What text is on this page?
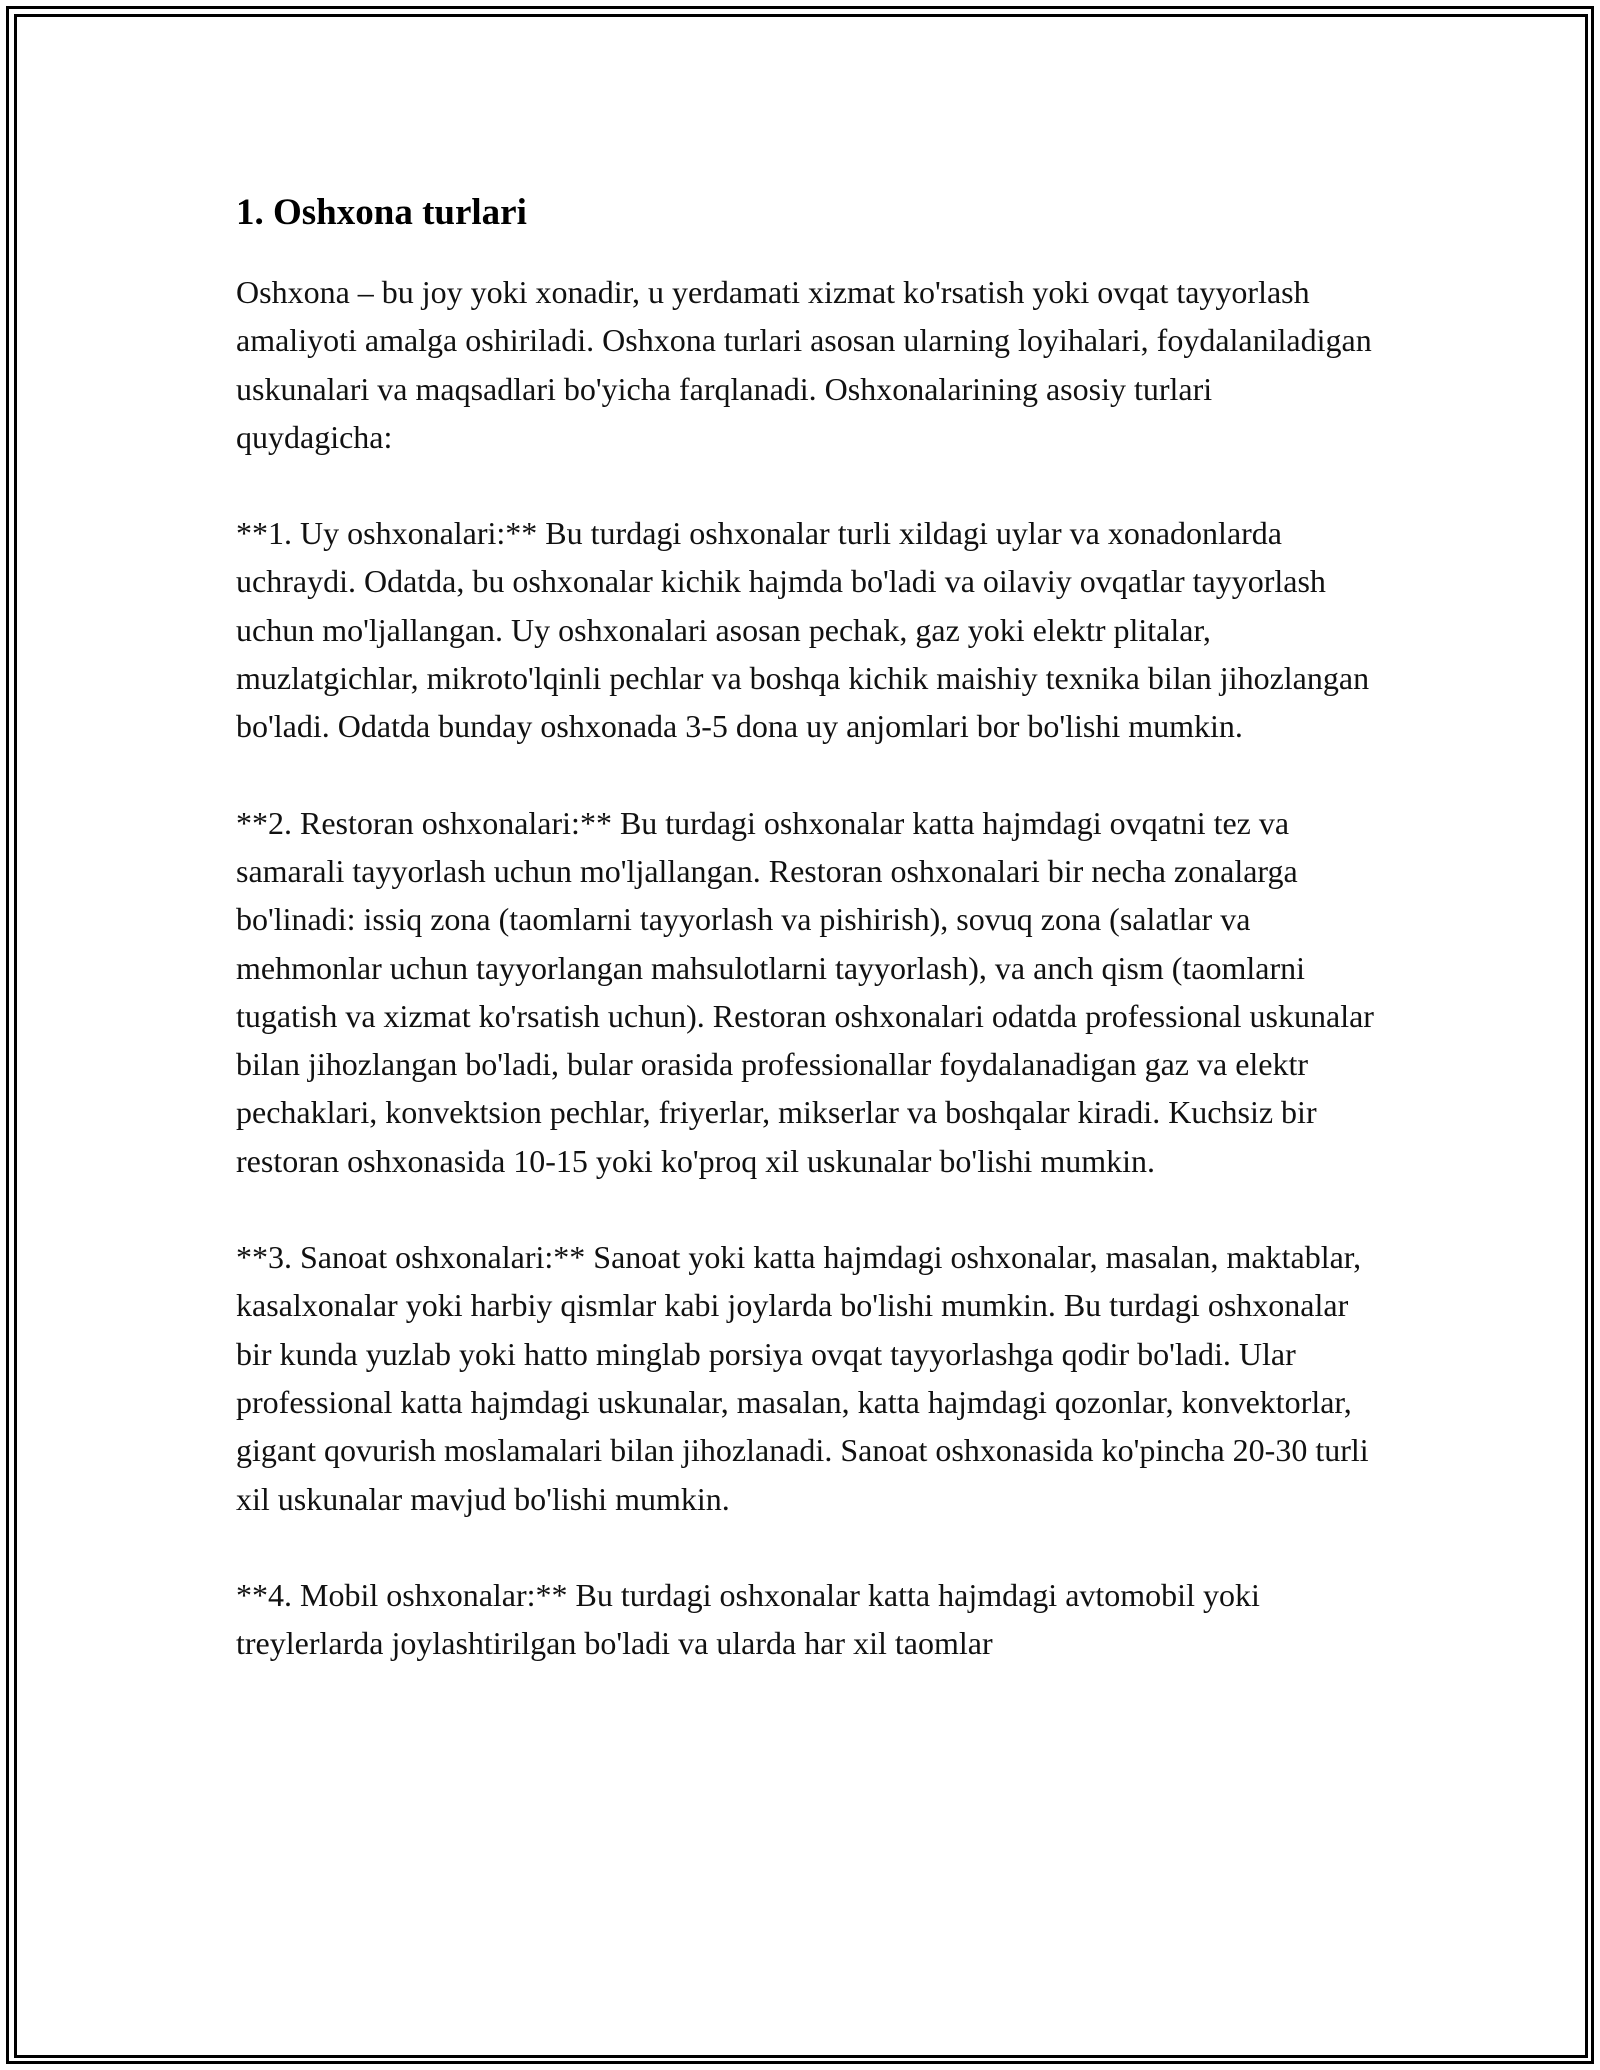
1. Oshxona turlari

Oshxona – bu joy yoki xonadir, u yerdamati xizmat ko'rsatish yoki ovqat tayyorlash amaliyoti amalga oshiriladi. Oshxona turlari asosan ularning loyihalari, foydalaniladigan uskunalari va maqsadlari bo'yicha farqlanadi. Oshxonalarining asosiy turlari quydagicha:

**1. Uy oshxonalari:** Bu turdagi oshxonalar turli xildagi uylar va xonadonlarda uchraydi. Odatda, bu oshxonalar kichik hajmda bo'ladi va oilaviy ovqatlar tayyorlash uchun mo'ljallangan. Uy oshxonalari asosan pechak, gaz yoki elektr plitalar, muzlatgichlar, mikroto'lqinli pechlar va boshqa kichik maishiy texnika bilan jihozlangan bo'ladi. Odatda bunday oshxonada 3-5 dona uy anjomlari bor bo'lishi mumkin.

**2. Restoran oshxonalari:** Bu turdagi oshxonalar katta hajmdagi ovqatni tez va samarali tayyorlash uchun mo'ljallangan. Restoran oshxonalari bir necha zonalarga bo'linadi: issiq zona (taomlarni tayyorlash va pishirish), sovuq zona (salatlar va mehmonlar uchun tayyorlangan mahsulotlarni tayyorlash), va anch qism (taomlarni tugatish va xizmat ko'rsatish uchun). Restoran oshxonalari odatda professional uskunalar bilan jihozlangan bo'ladi, bular orasida professionallar foydalanadigan gaz va elektr pechaklari, konvektsion pechlar, friyerlar, mikserlar va boshqalar kiradi. Kuchsiz bir restoran oshxonasida 10-15 yoki ko'proq xil uskunalar bo'lishi mumkin.

**3. Sanoat oshxonalari:** Sanoat yoki katta hajmdagi oshxonalar, masalan, maktablar, kasalxonalar yoki harbiy qismlar kabi joylarda bo'lishi mumkin. Bu turdagi oshxonalar bir kunda yuzlab yoki hatto minglab porsiya ovqat tayyorlashga qodir bo'ladi. Ular professional katta hajmdagi uskunalar, masalan, katta hajmdagi qozonlar, konvektorlar, gigant qovurish moslamalari bilan jihozlanadi. Sanoat oshxonasida ko'pincha 20-30 turli xil uskunalar mavjud bo'lishi mumkin.

**4. Mobil oshxonalar:** Bu turdagi oshxonalar katta hajmdagi avtomobil yoki treylerlarda joylashtirilgan bo'ladi va ularda har xil taomlar
